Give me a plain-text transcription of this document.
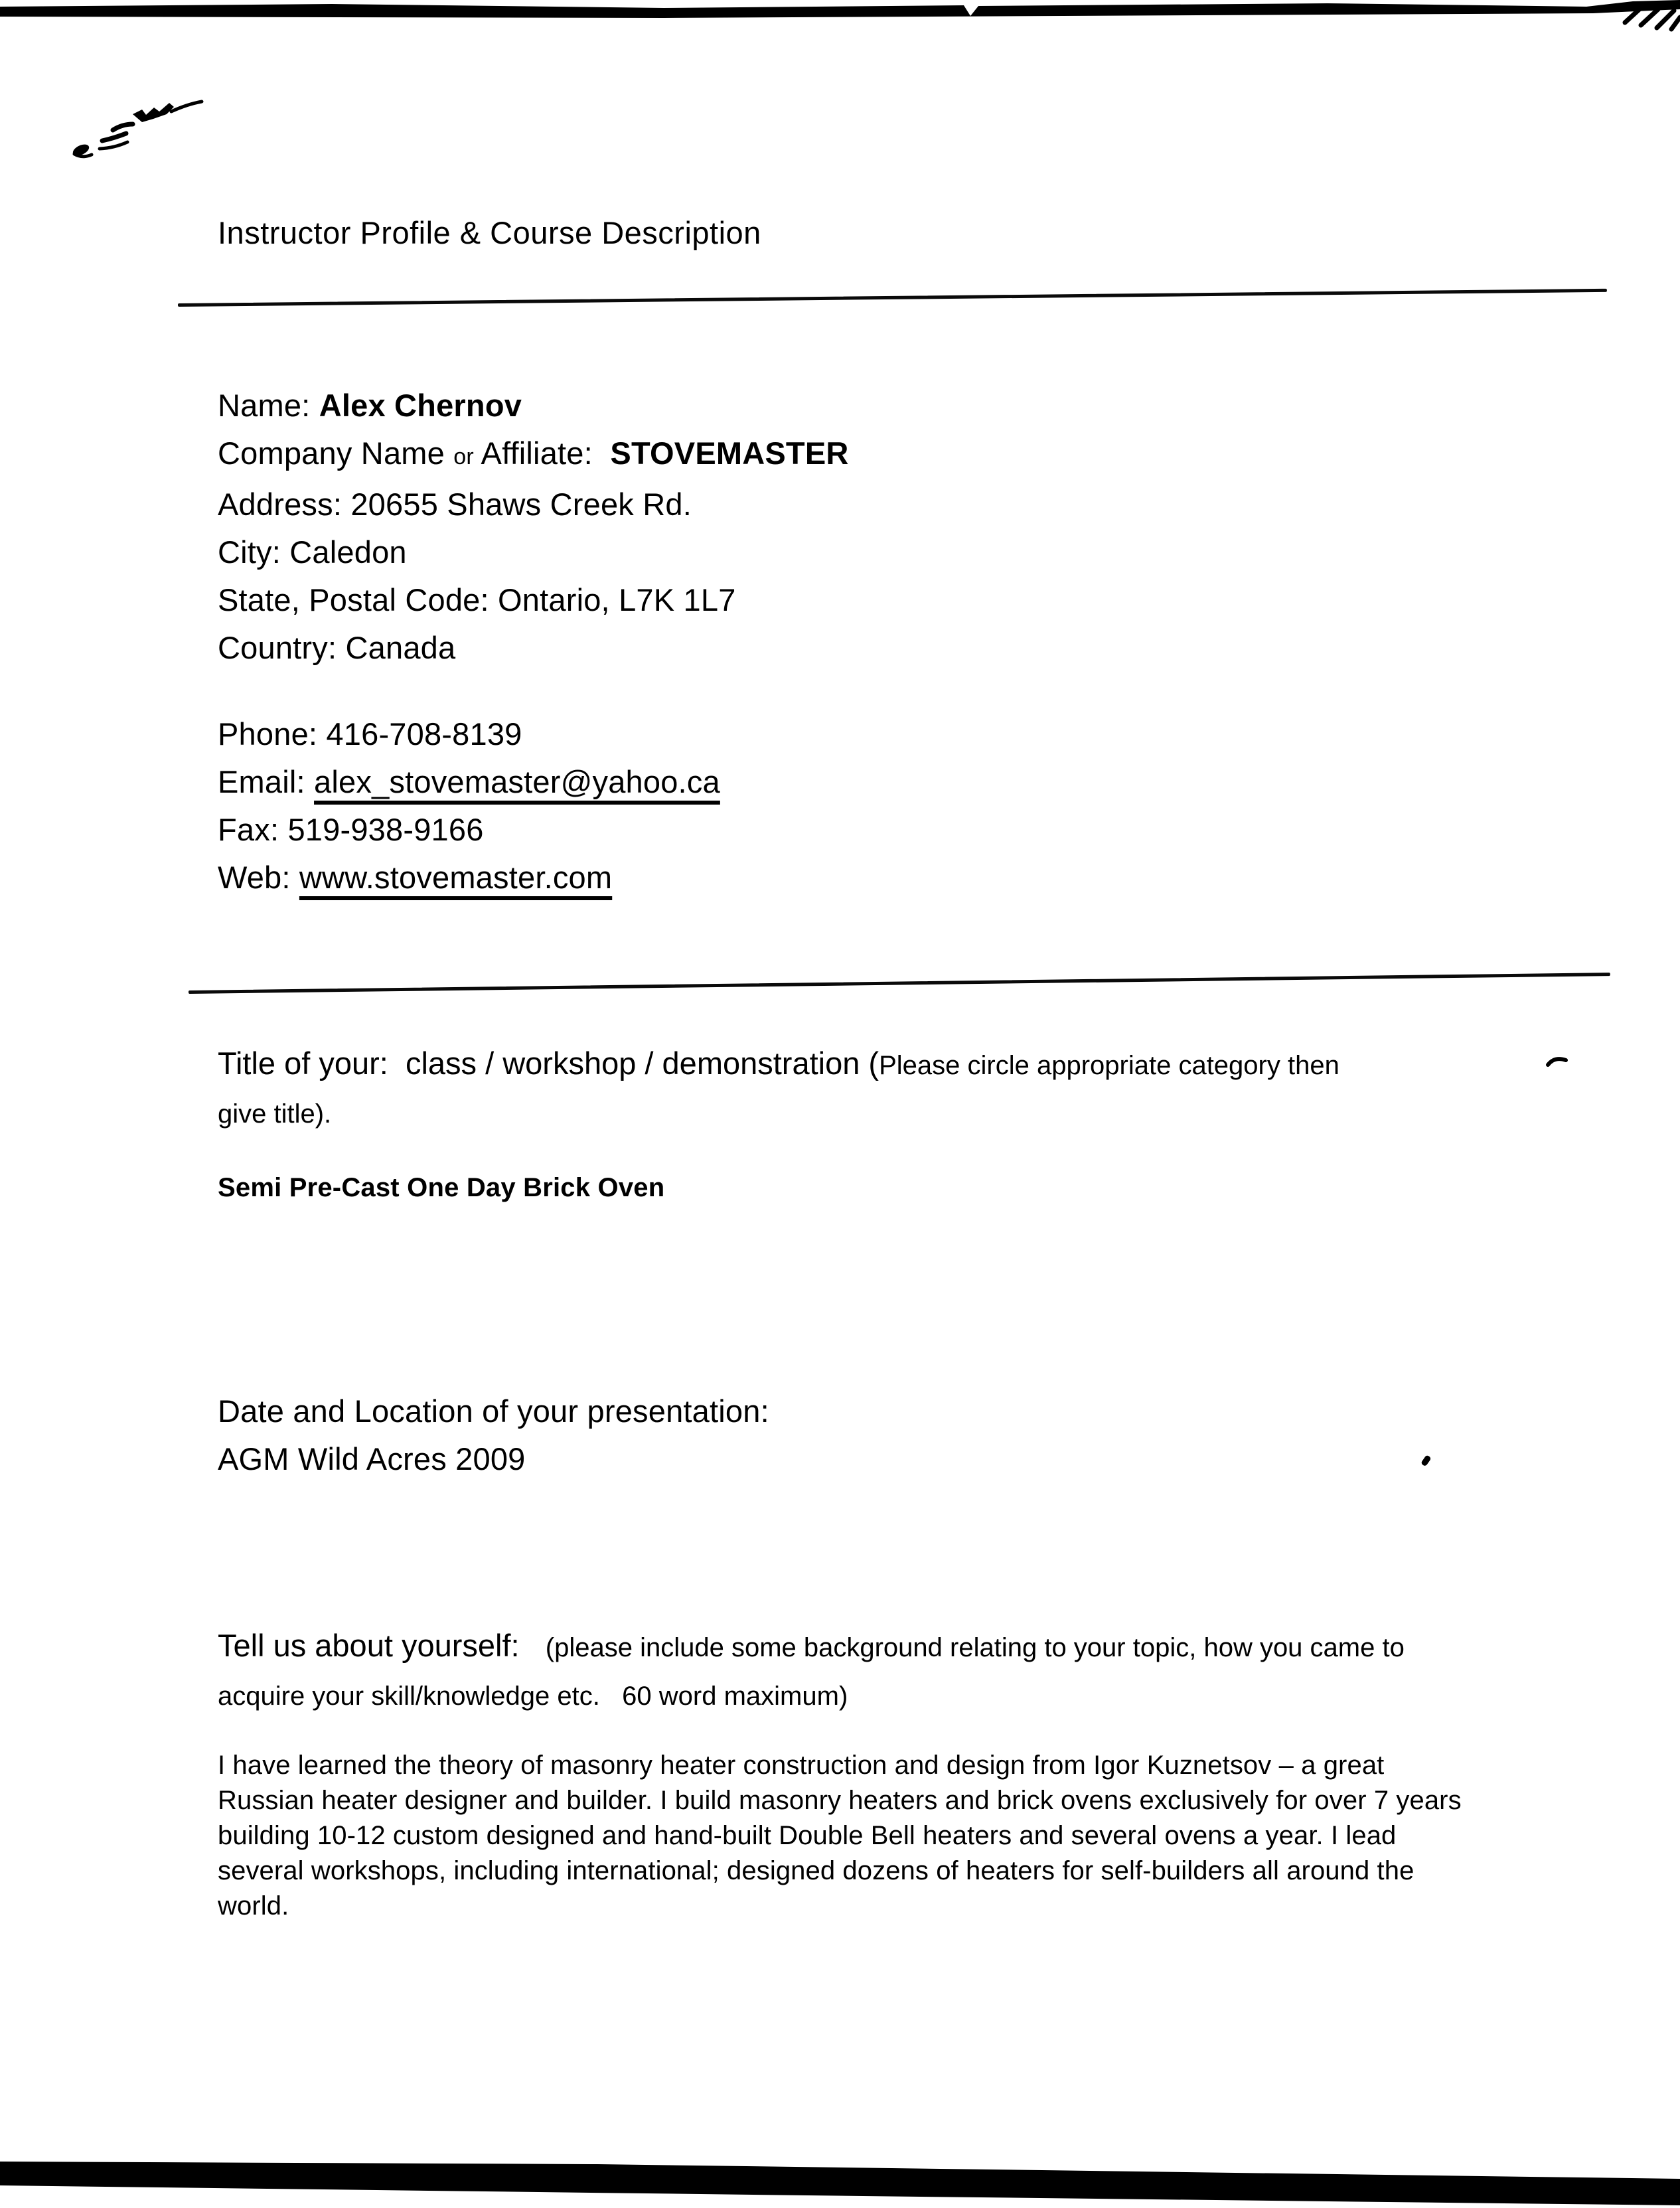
Instructor Profile & Course Description
Name: Alex Chernov
Company Name or Affiliate:  STOVEMASTER
Address: 20655 Shaws Creek Rd.
City: Caledon
State, Postal Code: Ontario, L7K 1L7
Country: Canada
Phone: 416-708-8139
Email: alex_stovemaster@yahoo.ca
Fax: 519-938-9166
Web: www.stovemaster.com
Title of your:  class / workshop / demonstration (Please circle appropriate category then
give title).
Semi Pre-Cast One Day Brick Oven
Date and Location of your presentation:
AGM Wild Acres 2009
Tell us about yourself:   (please include some background relating to your topic, how you came to
acquire your skill/knowledge etc.   60 word maximum)
I have learned the theory of masonry heater construction and design from Igor Kuznetsov – a great
Russian heater designer and builder. I build masonry heaters and brick ovens exclusively for over 7 years
building 10-12 custom designed and hand-built Double Bell heaters and several ovens a year. I lead
several workshops, including international; designed dozens of heaters for self-builders all around the
world.
